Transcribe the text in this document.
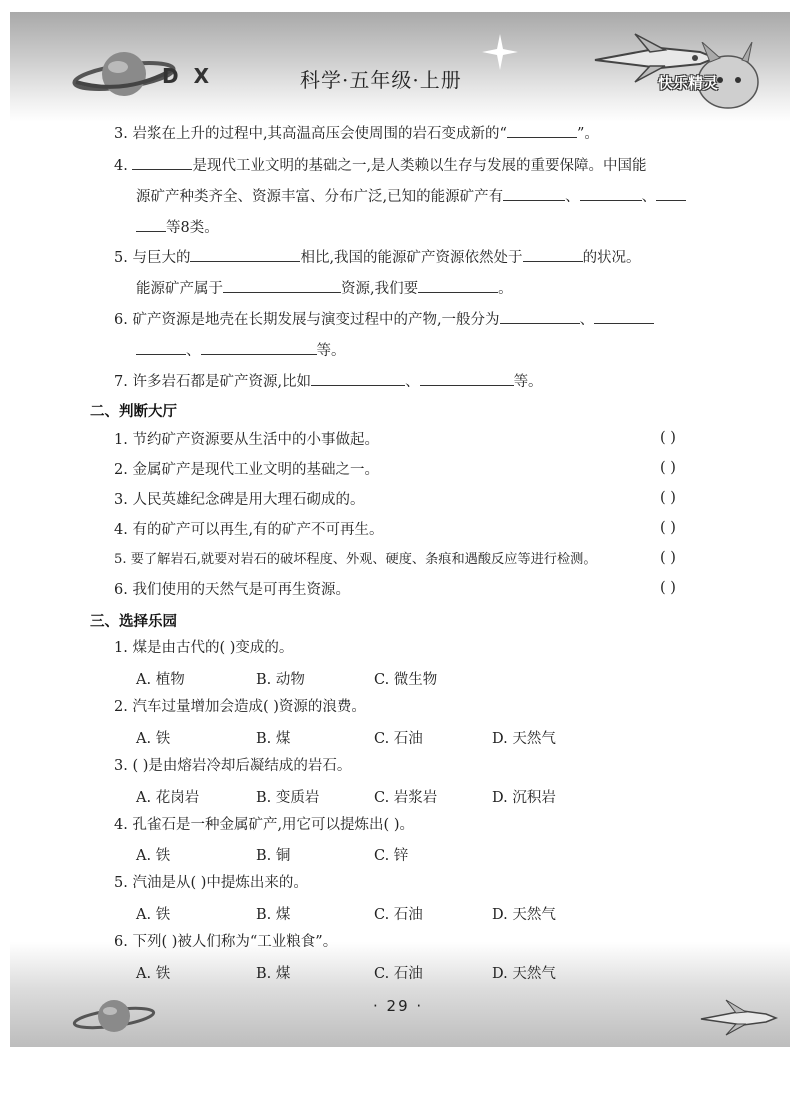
快乐精灵
D X	科学·五年级·上册
3. 岩浆在上升的过程中,其高温高压会使周围的岩石变成新的“	”。
4.	是现代工业文明的基础之一,是人类赖以生存与发展的重要保障。中国能
源矿产种类齐全、资源丰富、分布广泛,已知的能源矿产有	、	、
等8类。
5. 与巨大的	相比,我国的能源矿产资源依然处于	的状况。
能源矿产属于	资源,我们要	。
6. 矿产资源是地壳在长期发展与演变过程中的产物,一般分为	、
、	等。
7. 许多岩石都是矿产资源,比如	、	等。
二、判断大厅
1. 节约矿产资源要从生活中的小事做起。	( )
2. 金属矿产是现代工业文明的基础之一。	( )
3. 人民英雄纪念碑是用大理石砌成的。	( )
4. 有的矿产可以再生,有的矿产不可再生。	( )
5. 要了解岩石,就要对岩石的破坏程度、外观、硬度、条痕和遇酸反应等进行检测。	( )
6. 我们使用的天然气是可再生资源。	( )
三、选择乐园
1. 煤是由古代的( )变成的。
A. 植物	B. 动物	C. 微生物
2. 汽车过量增加会造成( )资源的浪费。
A. 铁	B. 煤	C. 石油	D. 天然气
3. ( )是由熔岩冷却后凝结成的岩石。
A. 花岗岩	B. 变质岩	C. 岩浆岩	D. 沉积岩
4. 孔雀石是一种金属矿产,用它可以提炼出( )。
A. 铁	B. 铜	C. 锌
5. 汽油是从( )中提炼出来的。
A. 铁	B. 煤	C. 石油	D. 天然气
6. 下列( )被人们称为“工业粮食”。
A. 铁	B. 煤	C. 石油	D. 天然气
· 29 ·
